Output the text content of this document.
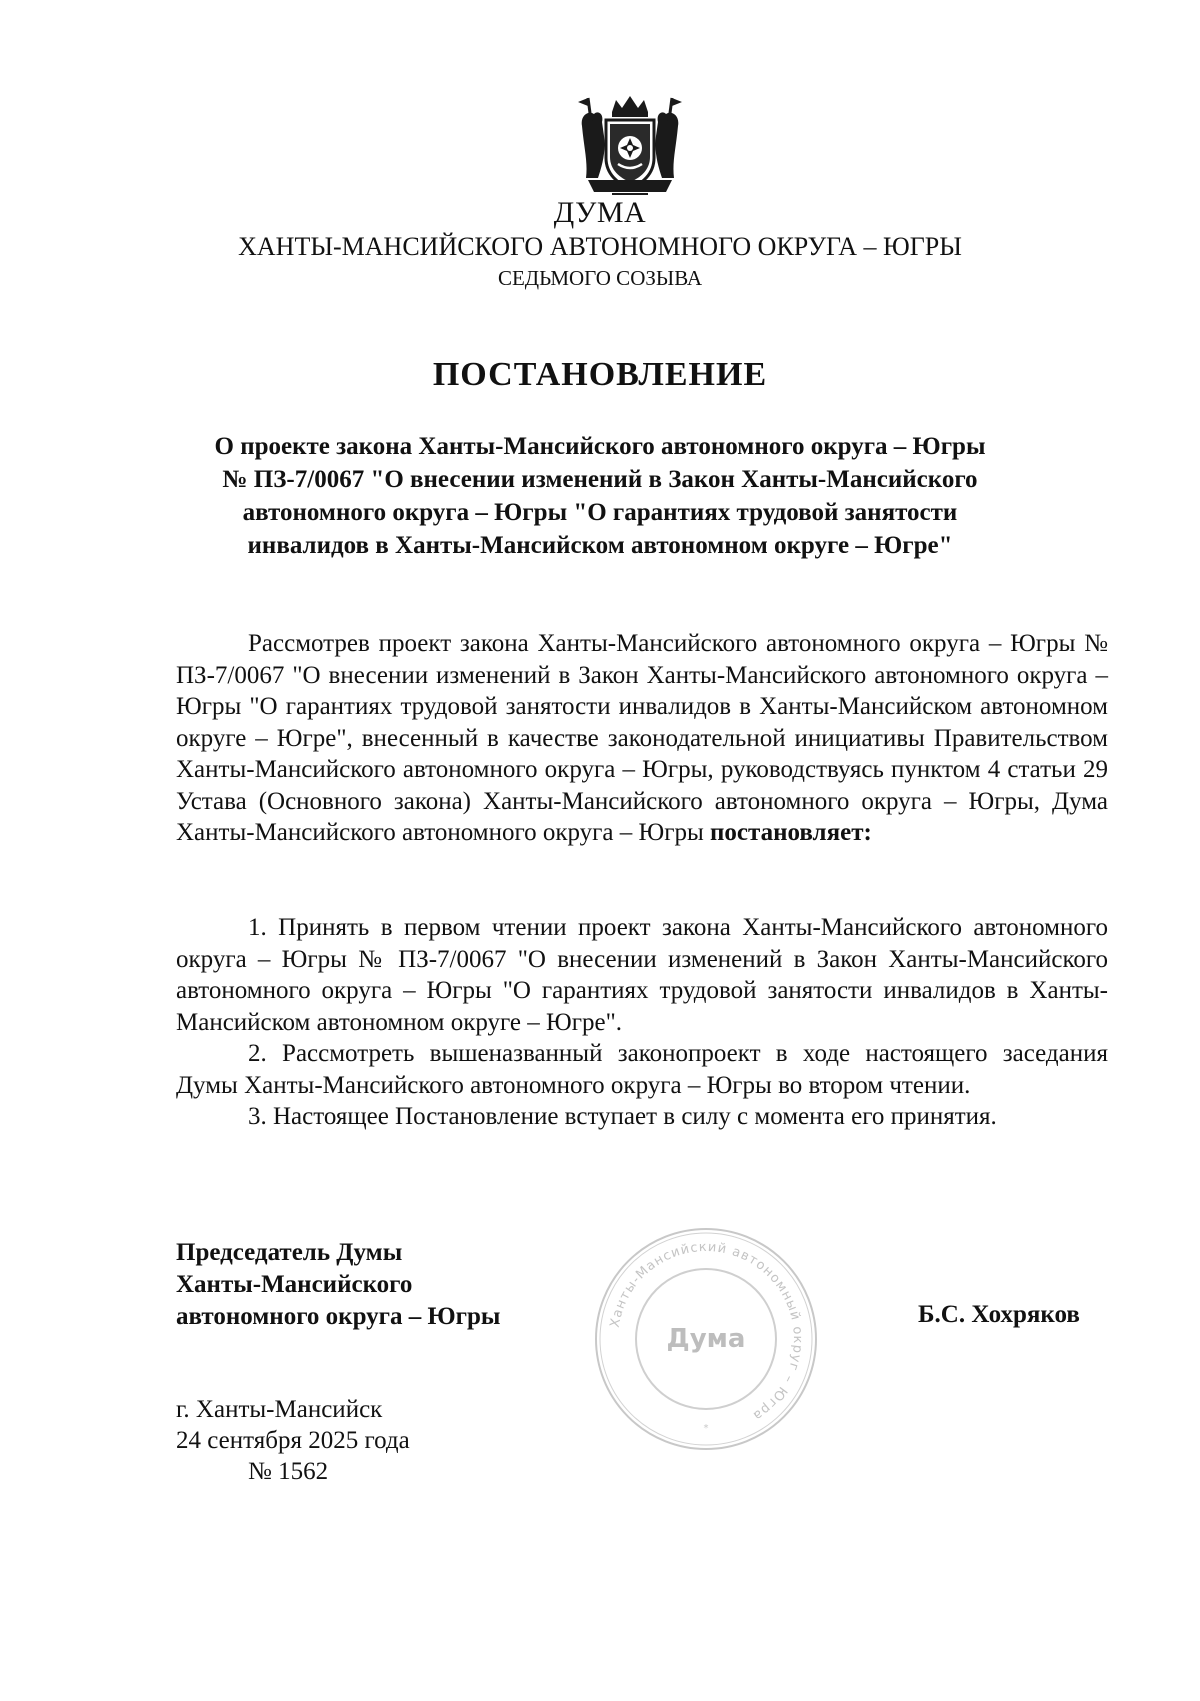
ДУМА
ХАНТЫ-МАНСИЙСКОГО АВТОНОМНОГО ОКРУГА – ЮГРЫ
СЕДЬМОГО СОЗЫВА
ПОСТАНОВЛЕНИЕ
О проекте закона Ханты-Мансийского автономного округа – Югры № ПЗ-7/0067 "О внесении изменений в Закон Ханты-Мансийского автономного округа – Югры "О гарантиях трудовой занятости инвалидов в Ханты-Мансийском автономном округе – Югре"

Рассмотрев проект закона Ханты-Мансийского автономного округа – Югры № ПЗ-7/0067 "О внесении изменений в Закон Ханты-Мансийского автономного округа – Югры "О гарантиях трудовой занятости инвалидов в Ханты-Мансийском автономном округе – Югре", внесенный в качестве законодательной инициативы Правительством Ханты-Мансийского автономного округа – Югры, руководствуясь пунктом 4 статьи 29 Устава (Основного закона) Ханты-Мансийского автономного округа – Югры, Дума Ханты-Мансийского автономного округа – Югры постановляет:

1. Принять в первом чтении проект закона Ханты-Мансийского автономного округа – Югры № ПЗ-7/0067 "О внесении изменений в Закон Ханты-Мансийского автономного округа – Югры "О гарантиях трудовой занятости инвалидов в Ханты-Мансийском автономном округе – Югре".

2. Рассмотреть вышеназванный законопроект в ходе настоящего заседания Думы Ханты-Мансийского автономного округа – Югры во втором чтении.

3. Настоящее Постановление вступает в силу с момента его принятия.

Председатель Думы
Ханты-Мансийского
автономного округа – Югры	Ханты-Мансийский автономный округ – Югра
Дума
*
Б.С. Хохряков
г. Ханты-Мансийск
24 сентября 2025 года
№ 1562
